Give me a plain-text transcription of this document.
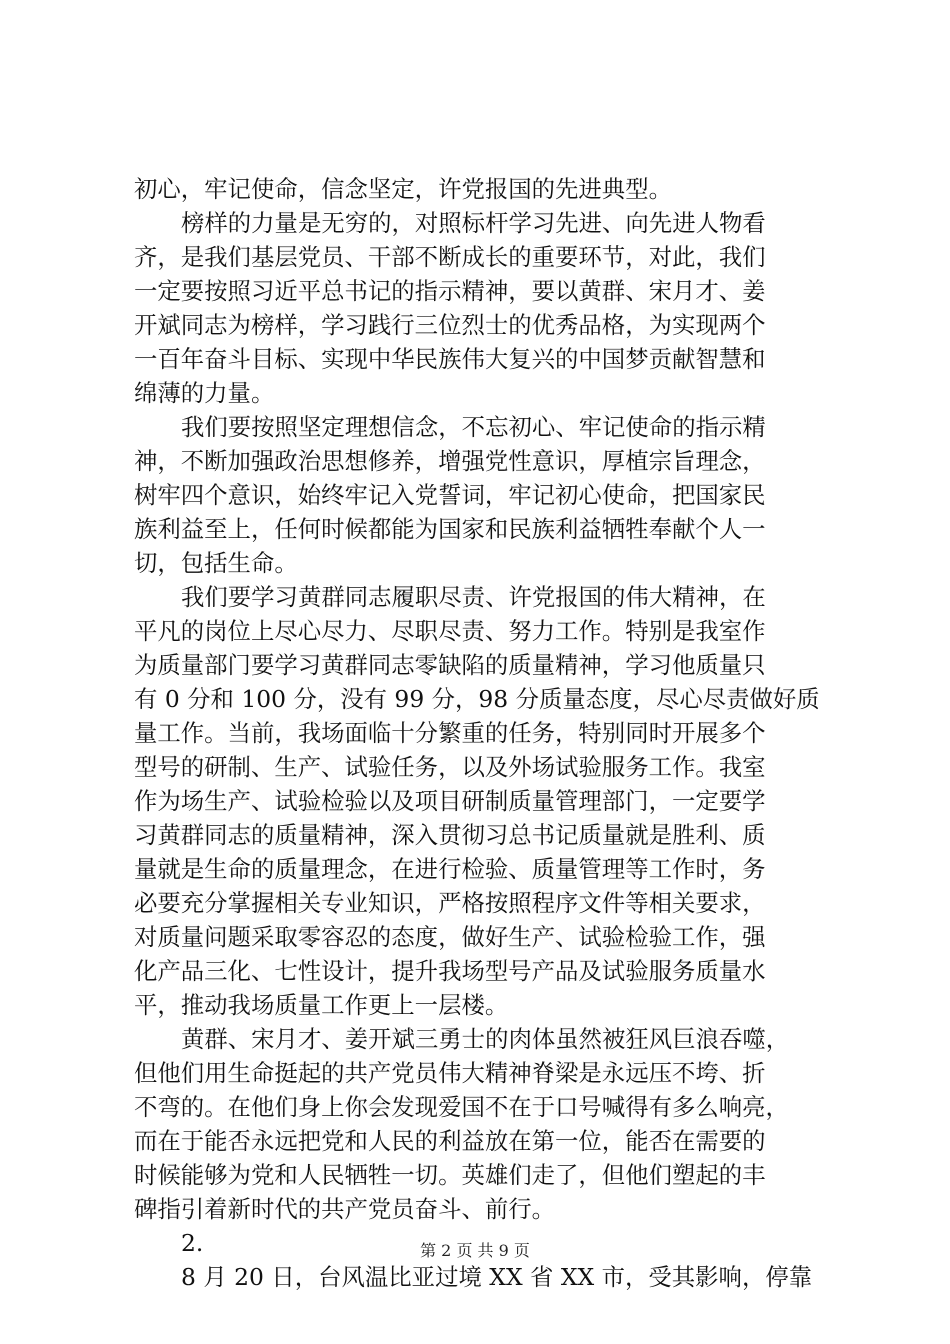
初心，牢记使命，信念坚定，许党报国的先进典型。
榜样的力量是无穷的，对照标杆学习先进、向先进人物看
齐，是我们基层党员、干部不断成长的重要环节，对此，我们
一定要按照习近平总书记的指示精神，要以黄群、宋月才、姜
开斌同志为榜样，学习践行三位烈士的优秀品格，为实现两个
一百年奋斗目标、实现中华民族伟大复兴的中国梦贡献智慧和
绵薄的力量。
我们要按照坚定理想信念，不忘初心、牢记使命的指示精
神，不断加强政治思想修养，增强党性意识，厚植宗旨理念，
树牢四个意识，始终牢记入党誓词，牢记初心使命，把国家民
族利益至上，任何时候都能为国家和民族利益牺牲奉献个人一
切，包括生命。
我们要学习黄群同志履职尽责、许党报国的伟大精神，在
平凡的岗位上尽心尽力、尽职尽责、努力工作。特别是我室作
为质量部门要学习黄群同志零缺陷的质量精神，学习他质量只
有 0 分和 100 分，没有 99 分，98 分质量态度，尽心尽责做好质
量工作。当前，我场面临十分繁重的任务，特别同时开展多个
型号的研制、生产、试验任务，以及外场试验服务工作。我室
作为场生产、试验检验以及项目研制质量管理部门，一定要学
习黄群同志的质量精神，深入贯彻习总书记质量就是胜利、质
量就是生命的质量理念，在进行检验、质量管理等工作时，务
必要充分掌握相关专业知识，严格按照程序文件等相关要求，
对质量问题采取零容忍的态度，做好生产、试验检验工作，强
化产品三化、七性设计，提升我场型号产品及试验服务质量水
平，推动我场质量工作更上一层楼。
黄群、宋月才、姜开斌三勇士的肉体虽然被狂风巨浪吞噬，
但他们用生命挺起的共产党员伟大精神脊梁是永远压不垮、折
不弯的。在他们身上你会发现爱国不在于口号喊得有多么响亮，
而在于能否永远把党和人民的利益放在第一位，能否在需要的
时候能够为党和人民牺牲一切。英雄们走了，但他们塑起的丰
碑指引着新时代的共产党员奋斗、前行。
2.
8 月 20 日，台风温比亚过境 XX 省 XX 市，受其影响，停靠
第 2 页 共 9 页
